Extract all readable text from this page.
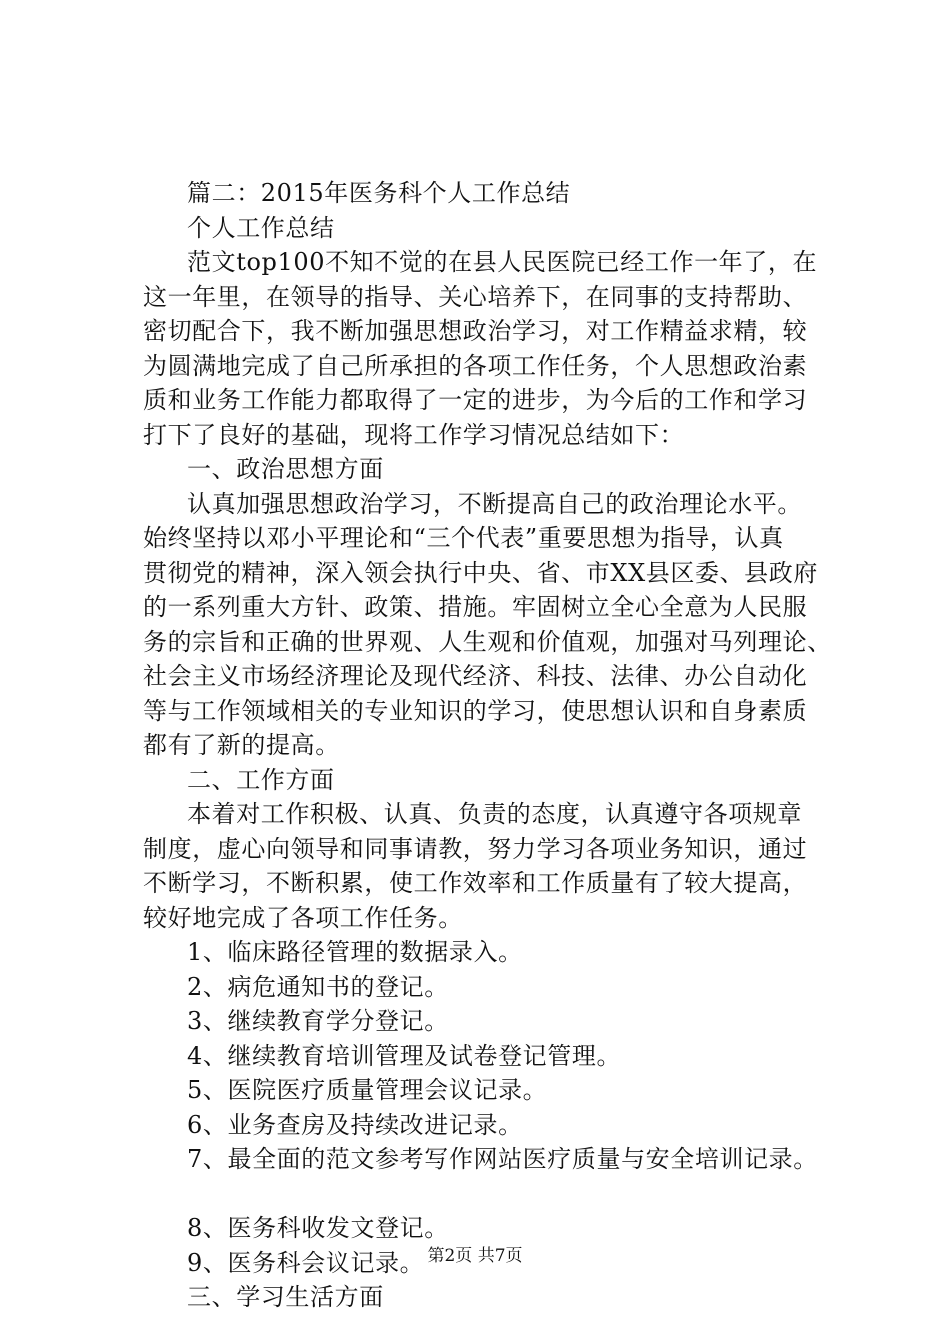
篇二：2015年医务科个人工作总结
个人工作总结
范文top100不知不觉的在县人民医院已经工作一年了，在
这一年里，在领导的指导、关心培养下，在同事的支持帮助、
密切配合下，我不断加强思想政治学习，对工作精益求精，较
为圆满地完成了自己所承担的各项工作任务，个人思想政治素
质和业务工作能力都取得了一定的进步，为今后的工作和学习
打下了良好的基础，现将工作学习情况总结如下：
一、政治思想方面
认真加强思想政治学习，不断提高自己的政治理论水平。
始终坚持以邓小平理论和“三个代表”重要思想为指导，认真
贯彻党的精神，深入领会执行中央、省、市XX县区委、县政府
的一系列重大方针、政策、措施。牢固树立全心全意为人民服
务的宗旨和正确的世界观、人生观和价值观，加强对马列理论、
社会主义市场经济理论及现代经济、科技、法律、办公自动化
等与工作领域相关的专业知识的学习，使思想认识和自身素质
都有了新的提高。
二、工作方面
本着对工作积极、认真、负责的态度，认真遵守各项规章
制度，虚心向领导和同事请教，努力学习各项业务知识，通过
不断学习，不断积累，使工作效率和工作质量有了较大提高，
较好地完成了各项工作任务。
1、临床路径管理的数据录入。
2、病危通知书的登记。
3、继续教育学分登记。
4、继续教育培训管理及试卷登记管理。
5、医院医疗质量管理会议记录。
6、业务查房及持续改进记录。
7、最全面的范文参考写作网站医疗质量与安全培训记录。
8、医务科收发文登记。
9、医务科会议记录。
三、学习生活方面
第2页 共7页
